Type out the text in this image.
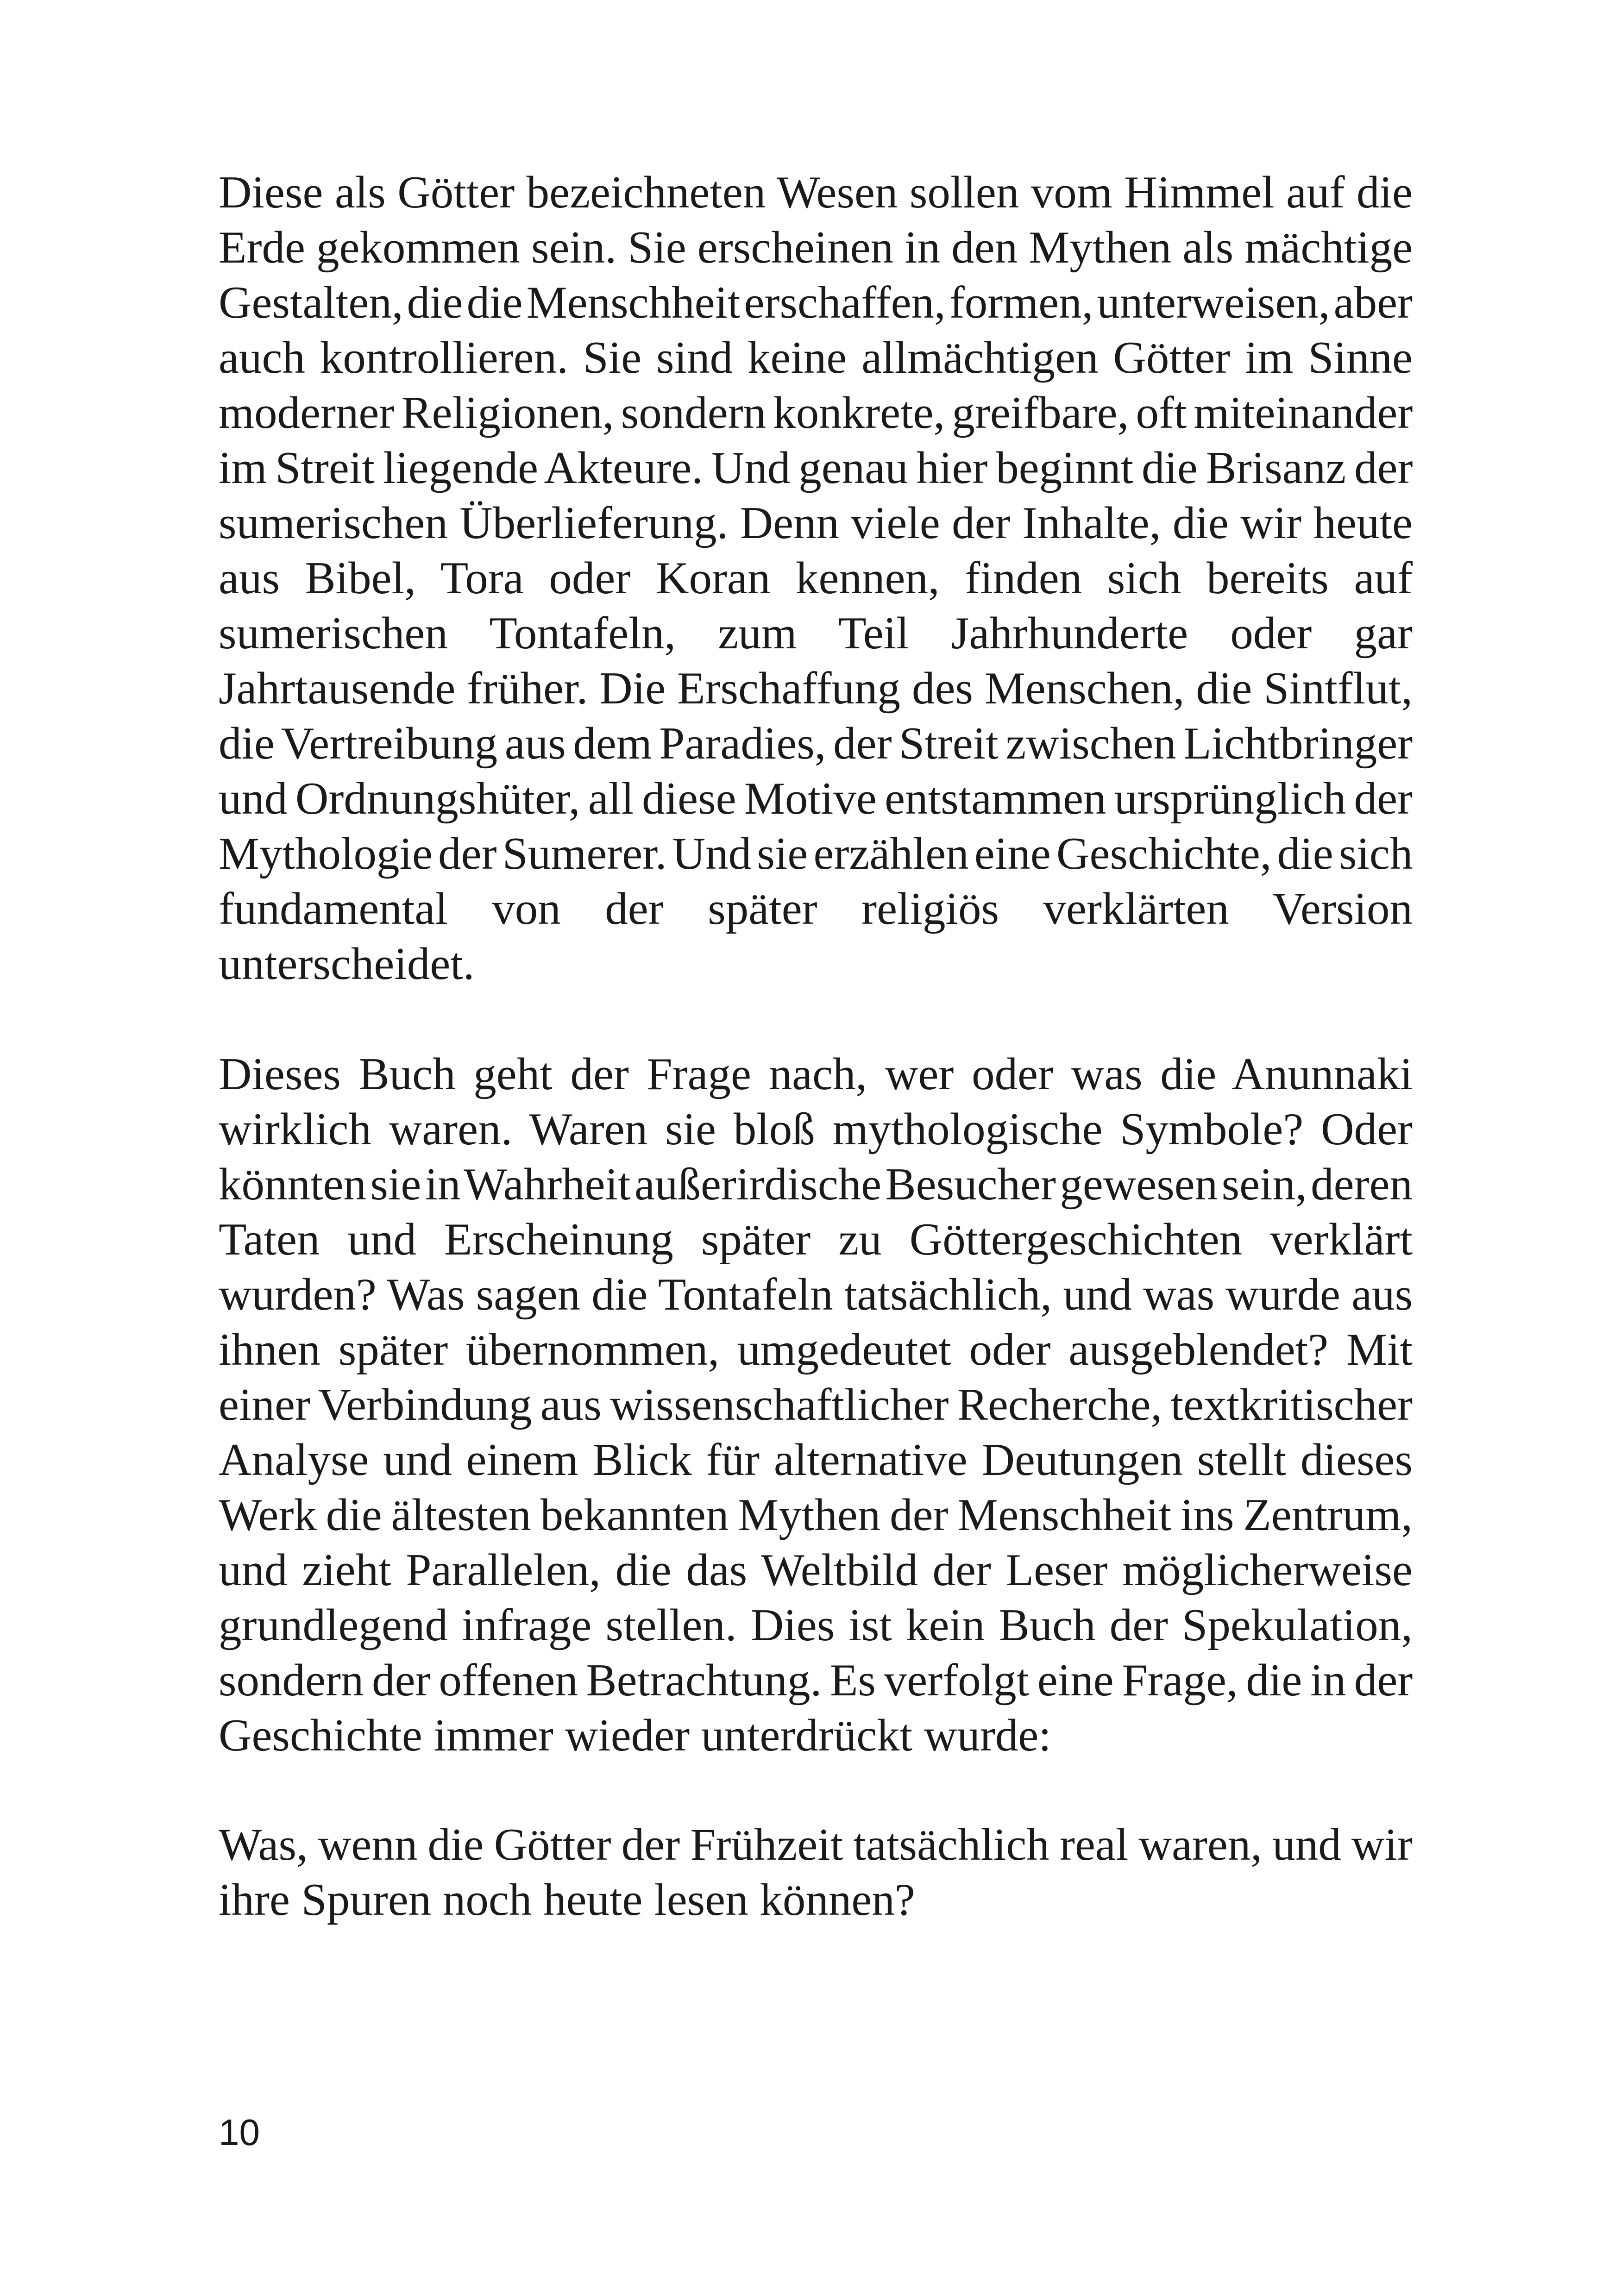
Diese als Götter bezeichneten Wesen sollen vom Himmel auf die
Erde gekommen sein. Sie erscheinen in den Mythen als mächtige
Gestalten, die die Menschheit erschaffen, formen, unterweisen, aber
auch kontrollieren. Sie sind keine allmächtigen Götter im Sinne
moderner Religionen, sondern konkrete, greifbare, oft miteinander
im Streit liegende Akteure. Und genau hier beginnt die Brisanz der
sumerischen Überlieferung. Denn viele der Inhalte, die wir heute
aus Bibel, Tora oder Koran kennen, finden sich bereits auf
sumerischen Tontafeln, zum Teil Jahrhunderte oder gar
Jahrtausende früher. Die Erschaffung des Menschen, die Sintflut,
die Vertreibung aus dem Paradies, der Streit zwischen Lichtbringer
und Ordnungshüter, all diese Motive entstammen ursprünglich der
Mythologie der Sumerer. Und sie erzählen eine Geschichte, die sich
fundamental von der später religiös verklärten Version
unterscheidet.
Dieses Buch geht der Frage nach, wer oder was die Anunnaki
wirklich waren. Waren sie bloß mythologische Symbole? Oder
könnten sie in Wahrheit außerirdische Besucher gewesen sein, deren
Taten und Erscheinung später zu Göttergeschichten verklärt
wurden? Was sagen die Tontafeln tatsächlich, und was wurde aus
ihnen später übernommen, umgedeutet oder ausgeblendet? Mit
einer Verbindung aus wissenschaftlicher Recherche, textkritischer
Analyse und einem Blick für alternative Deutungen stellt dieses
Werk die ältesten bekannten Mythen der Menschheit ins Zentrum,
und zieht Parallelen, die das Weltbild der Leser möglicherweise
grundlegend infrage stellen. Dies ist kein Buch der Spekulation,
sondern der offenen Betrachtung. Es verfolgt eine Frage, die in der
Geschichte immer wieder unterdrückt wurde:
Was, wenn die Götter der Frühzeit tatsächlich real waren, und wir
ihre Spuren noch heute lesen können?
10
